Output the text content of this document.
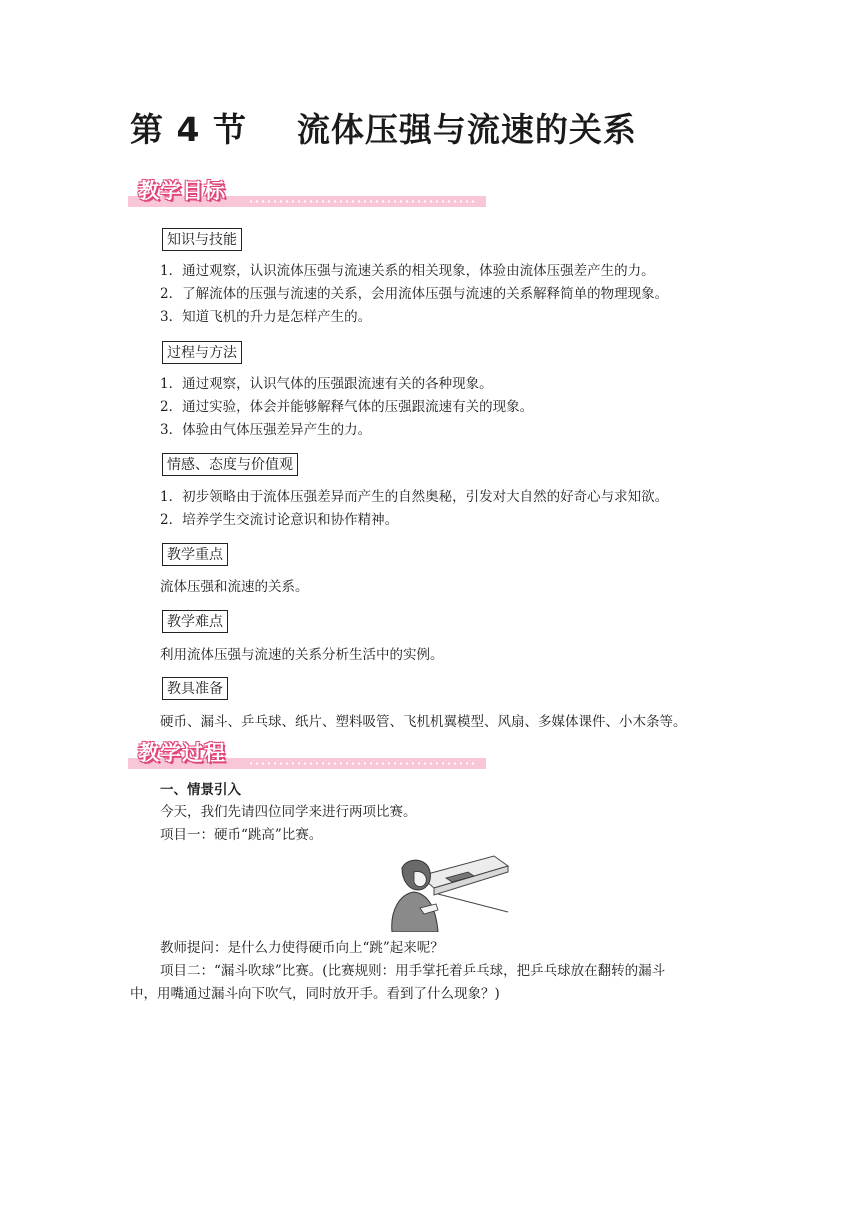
第 4 节    流体压强与流速的关系
教学目标
知识与技能
1．通过观察，认识流体压强与流速关系的相关现象，体验由流体压强差产生的力。
2．了解流体的压强与流速的关系，会用流体压强与流速的关系解释简单的物理现象。
3．知道飞机的升力是怎样产生的。
过程与方法
1．通过观察，认识气体的压强跟流速有关的各种现象。
2．通过实验，体会并能够解释气体的压强跟流速有关的现象。
3．体验由气体压强差异产生的力。
情感、态度与价值观
1．初步领略由于流体压强差异而产生的自然奥秘，引发对大自然的好奇心与求知欲。
2．培养学生交流讨论意识和协作精神。
教学重点
流体压强和流速的关系。
教学难点
利用流体压强与流速的关系分析生活中的实例。
教具准备
硬币、漏斗、乒乓球、纸片、塑料吸管、飞机机翼模型、风扇、多媒体课件、小木条等。
教学过程
一、情景引入
今天，我们先请四位同学来进行两项比赛。
项目一：硬币“跳高”比赛。
教师提问：是什么力使得硬币向上“跳”起来呢？
项目二：“漏斗吹球”比赛。(比赛规则：用手掌托着乒乓球，把乒乓球放在翻转的漏斗
中，用嘴通过漏斗向下吹气，同时放开手。看到了什么现象？)
